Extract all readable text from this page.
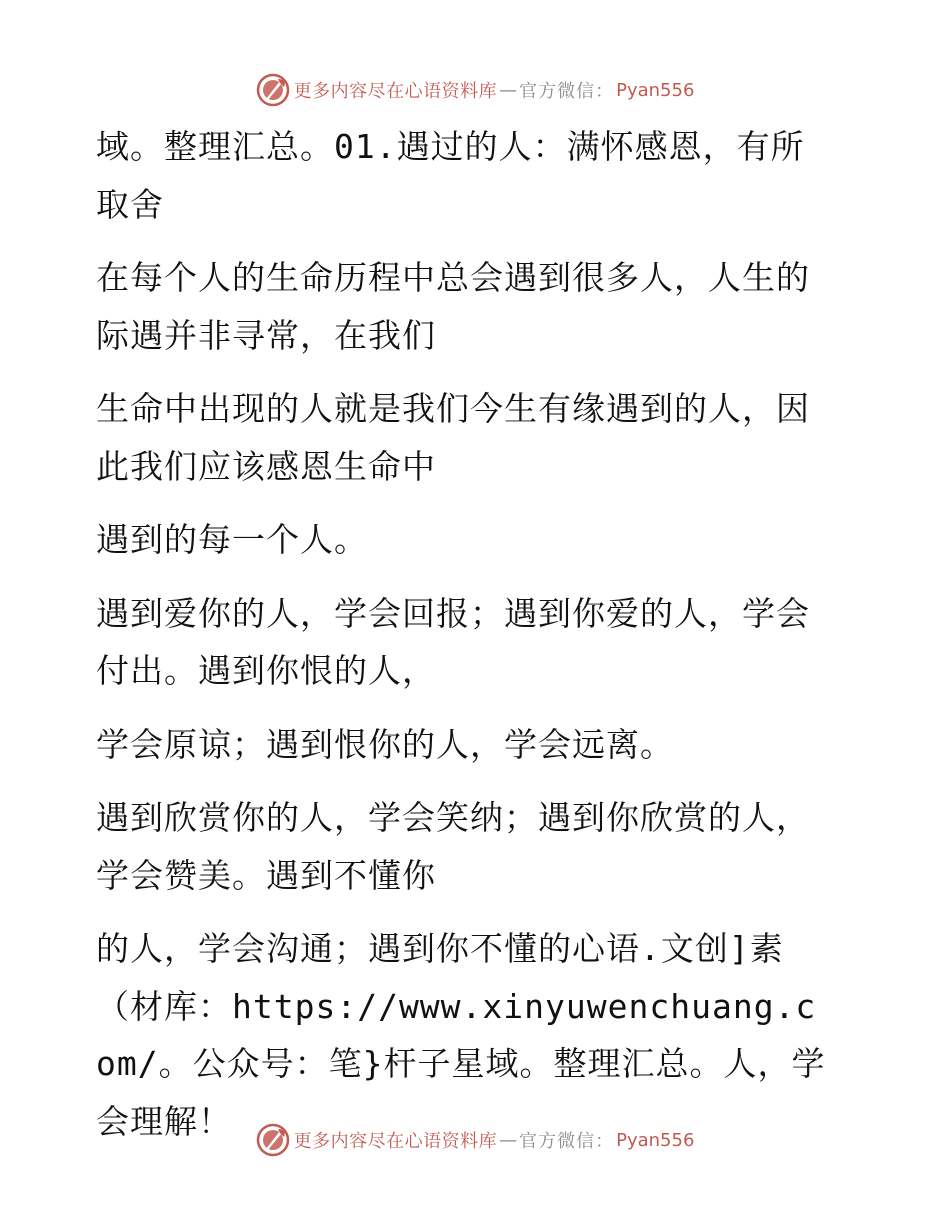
更多内容尽在心语资料库 — 官方微信： Pyan556

域。整理汇总。01.遇过的人：满怀感恩，有所取舍

在每个人的生命历程中总会遇到很多人，人生的际遇并非寻常，在我们

生命中出现的人就是我们今生有缘遇到的人，因此我们应该感恩生命中

遇到的每一个人。

遇到爱你的人，学会回报；遇到你爱的人，学会付出。遇到你恨的人，

学会原谅；遇到恨你的人，学会远离。

遇到欣赏你的人，学会笑纳；遇到你欣赏的人，学会赞美。遇到不懂你

的人，学会沟通；遇到你不懂的心语.文创]素（材库：https://www.xinyuwenchuang.com/。公众号：笔}杆子星域。整理汇总。人，学会理解！

更多内容尽在心语资料库 — 官方微信： Pyan556
